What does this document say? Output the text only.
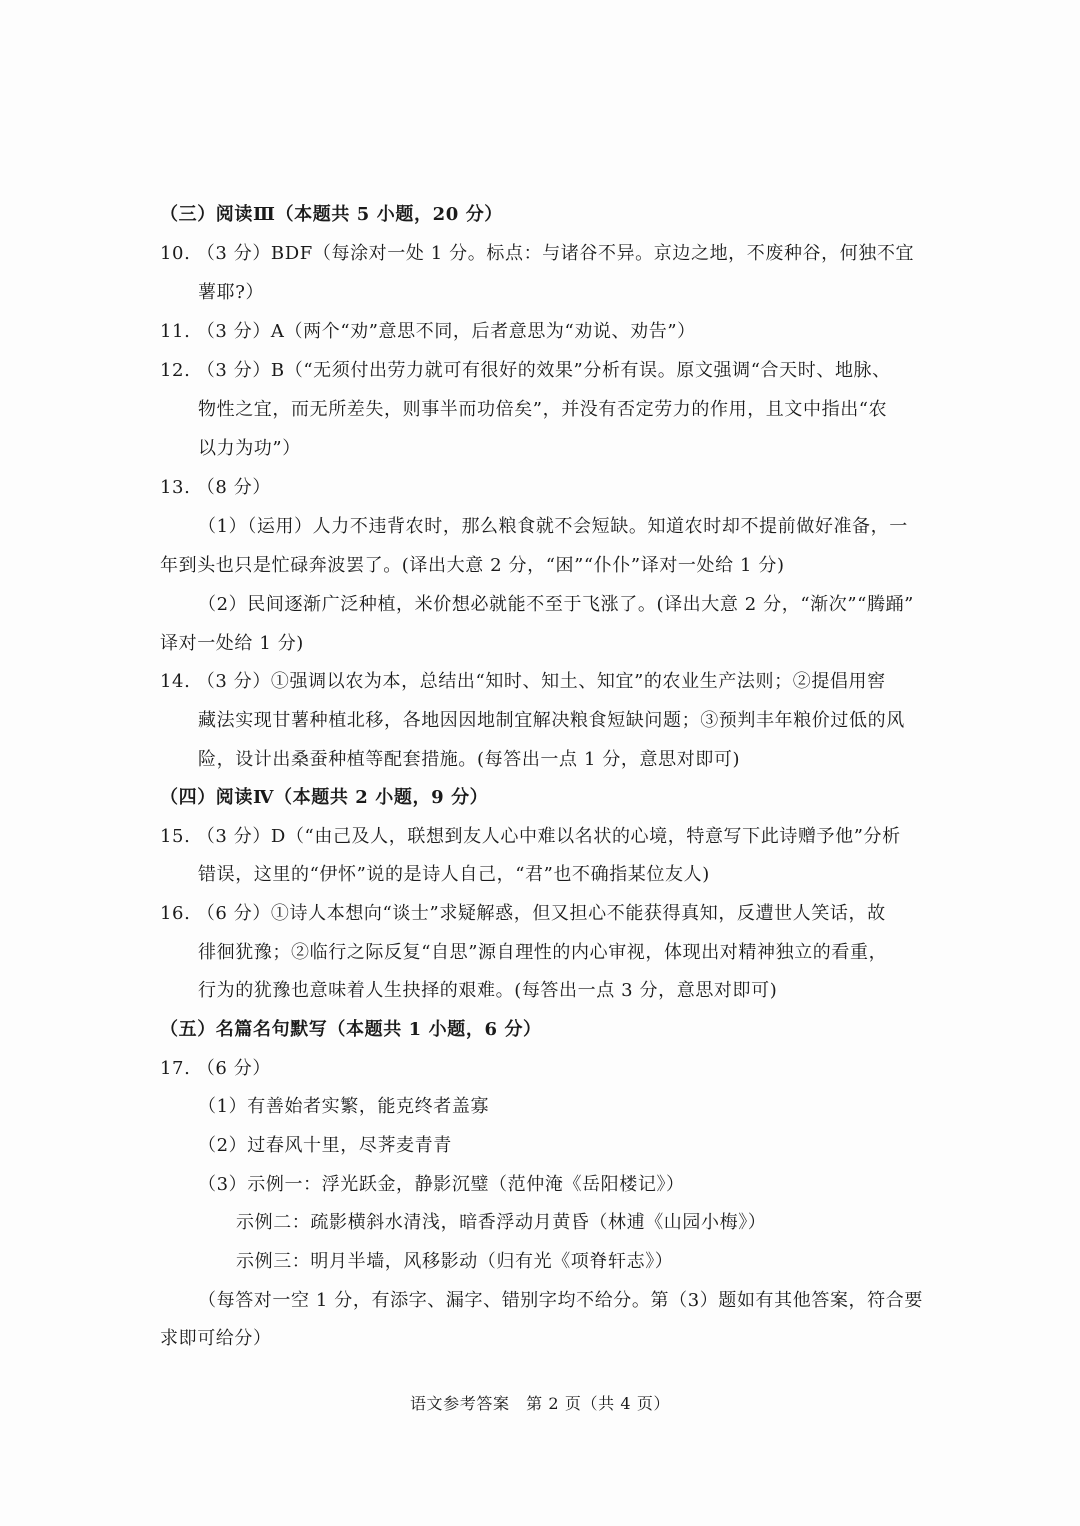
（三）阅读Ⅲ（本题共 5 小题，20 分）
10. （3 分）BDF（每涂对一处 1 分。标点：与诸谷不异。京边之地，不废种谷，何独不宜
薯耶?）
11. （3 分）A（两个“劝”意思不同，后者意思为“劝说、劝告”）
12. （3 分）B（“无须付出劳力就可有很好的效果”分析有误。原文强调“合天时、地脉、
物性之宜，而无所差失，则事半而功倍矣”，并没有否定劳力的作用，且文中指出“农
以力为功”）
13. （8 分）
（1）（运用）人力不违背农时，那么粮食就不会短缺。知道农时却不提前做好准备，一
年到头也只是忙碌奔波罢了。(译出大意 2 分，“困”“仆仆”译对一处给 1 分)
（2）民间逐渐广泛种植，米价想必就能不至于飞涨了。(译出大意 2 分，“渐次”“腾踊”
译对一处给 1 分)
14. （3 分）①强调以农为本，总结出“知时、知土、知宜”的农业生产法则；②提倡用窖
藏法实现甘薯种植北移，各地因因地制宜解决粮食短缺问题；③预判丰年粮价过低的风
险，设计出桑蚕种植等配套措施。(每答出一点 1 分，意思对即可)
（四）阅读Ⅳ（本题共 2 小题，9 分）
15. （3 分）D（“由己及人，联想到友人心中难以名状的心境，特意写下此诗赠予他”分析
错误，这里的“伊怀”说的是诗人自己，“君”也不确指某位友人)
16. （6 分）①诗人本想向“谈士”求疑解惑，但又担心不能获得真知，反遭世人笑话，故
徘徊犹豫；②临行之际反复“自思”源自理性的内心审视，体现出对精神独立的看重，
行为的犹豫也意味着人生抉择的艰难。(每答出一点 3 分，意思对即可)
（五）名篇名句默写（本题共 1 小题，6 分）
17. （6 分）
（1）有善始者实繁，能克终者盖寡
（2）过春风十里，尽荠麦青青
（3）示例一：浮光跃金，静影沉璧（范仲淹《岳阳楼记》）
示例二：疏影横斜水清浅，暗香浮动月黄昏（林逋《山园小梅》）
示例三：明月半墙，风移影动（归有光《项脊轩志》）
（每答对一空 1 分，有添字、漏字、错别字均不给分。第（3）题如有其他答案，符合要
求即可给分）
语文参考答案　第 2 页（共 4 页）
